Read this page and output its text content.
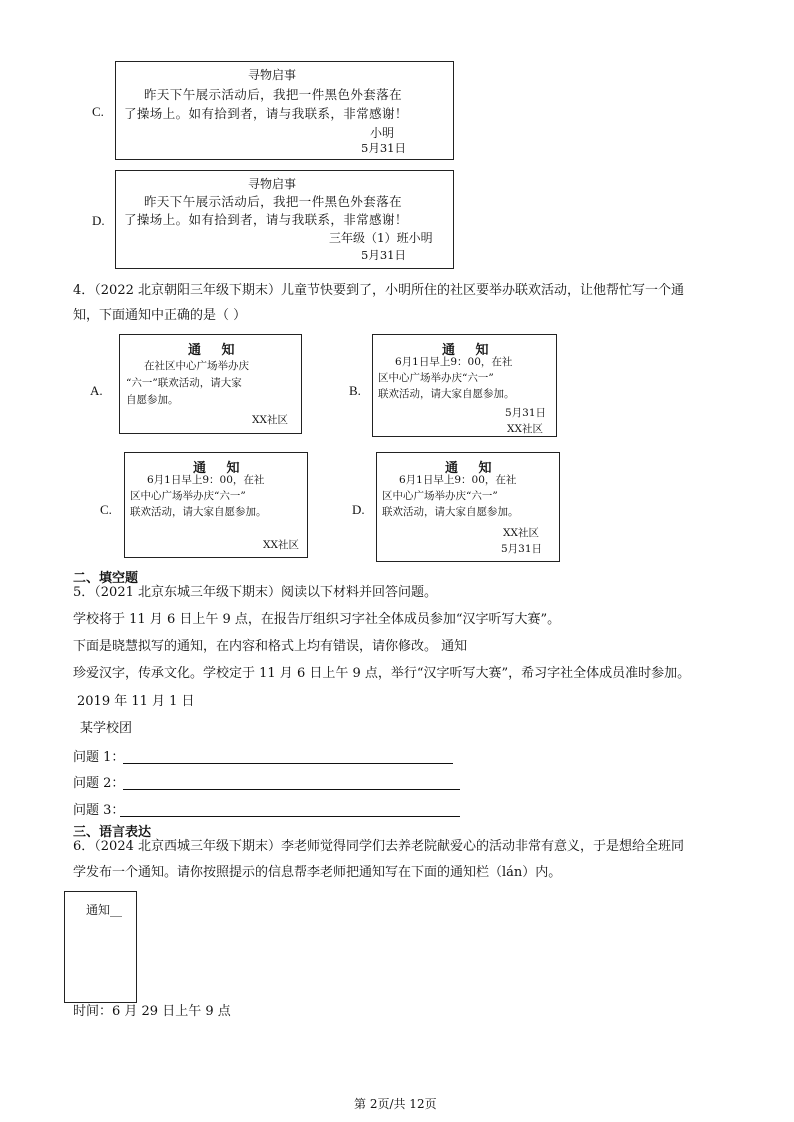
C.
寻物启事
昨天下午展示活动后，我把一件黑色外套落在
了操场上。如有拾到者，请与我联系，非常感谢！
小明
5月31日
D.
寻物启事
昨天下午展示活动后，我把一件黑色外套落在
了操场上。如有拾到者，请与我联系，非常感谢！
三年级（1）班小明
5月31日
4．（2022 北京朝阳三年级下期末）儿童节快要到了，小明所住的社区要举办联欢活动，让他帮忙写一个通
知，下面通知中正确的是（ ）
A.
通 知
在社区中心广场举办庆
“六一”联欢活动，请大家
自愿参加。
XX社区
B.
通 知
6月1日早上9：00，在社
区中心广场举办庆“六一”
联欢活动，请大家自愿参加。
5月31日
XX社区
C.
通 知
6月1日早上9：00，在社
区中心广场举办庆“六一”
联欢活动，请大家自愿参加。
XX社区
D.
通 知
6月1日早上9：00，在社
区中心广场举办庆“六一”
联欢活动，请大家自愿参加。
XX社区
5月31日
二、填空题
5．（2021 北京东城三年级下期末）阅读以下材料并回答问题。
学校将于 11 月 6 日上午 9 点，在报告厅组织习字社全体成员参加“汉字听写大赛”。
下面是晓慧拟写的通知，在内容和格式上均有错误，请你修改。 通知
珍爱汉字，传承文化。学校定于 11 月 6 日上午 9 点，举行“汉字听写大赛”，希习字社全体成员准时参加。
2019 年 11 月 1 日
某学校团
问题 1：
问题 2：
问题 3：
三、语言表达
6．（2024 北京西城三年级下期末）李老师觉得同学们去养老院献爱心的活动非常有意义，于是想给全班同
学发布一个通知。请你按照提示的信息帮李老师把通知写在下面的通知栏（lán）内。
通知__
时间：6 月 29 日上午 9 点
第 2页/共 12页
